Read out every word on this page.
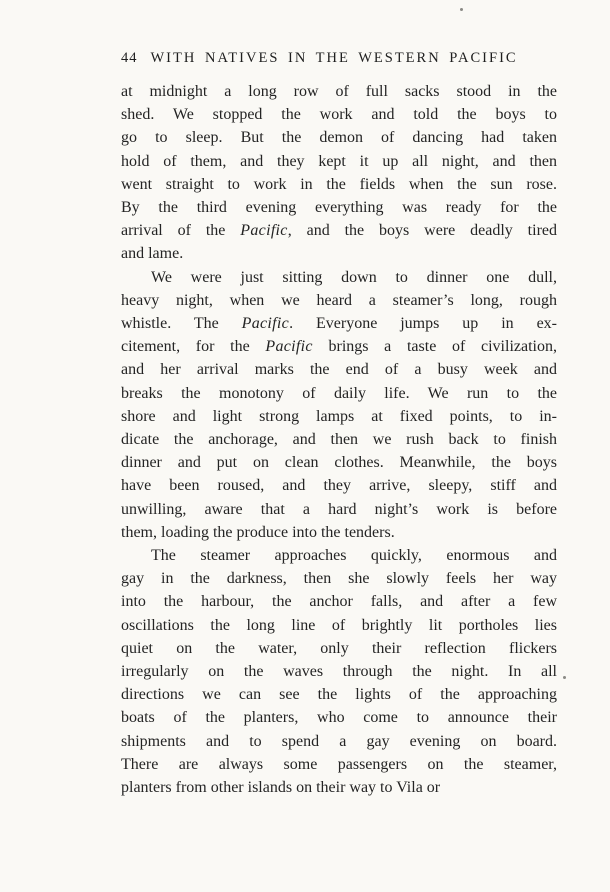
44 WITH NATIVES IN THE WESTERN PACIFIC
at midnight a long row of full sacks stood in the
shed. We stopped the work and told the boys to
go to sleep. But the demon of dancing had taken
hold of them, and they kept it up all night, and then
went straight to work in the fields when the sun rose.
By the third evening everything was ready for the
arrival of the Pacific, and the boys were deadly tired
and lame.
We were just sitting down to dinner one dull,
heavy night, when we heard a steamer’s long, rough
whistle. The Pacific. Everyone jumps up in ex-
citement, for the Pacific brings a taste of civilization,
and her arrival marks the end of a busy week and
breaks the monotony of daily life. We run to the
shore and light strong lamps at fixed points, to in-
dicate the anchorage, and then we rush back to finish
dinner and put on clean clothes. Meanwhile, the boys
have been roused, and they arrive, sleepy, stiff and
unwilling, aware that a hard night’s work is before
them, loading the produce into the tenders.
The steamer approaches quickly, enormous and
gay in the darkness, then she slowly feels her way
into the harbour, the anchor falls, and after a few
oscillations the long line of brightly lit portholes lies
quiet on the water, only their reflection flickers
irregularly on the waves through the night. In all
directions we can see the lights of the approaching
boats of the planters, who come to announce their
shipments and to spend a gay evening on board.
There are always some passengers on the steamer,
planters from other islands on their way to Vila or
